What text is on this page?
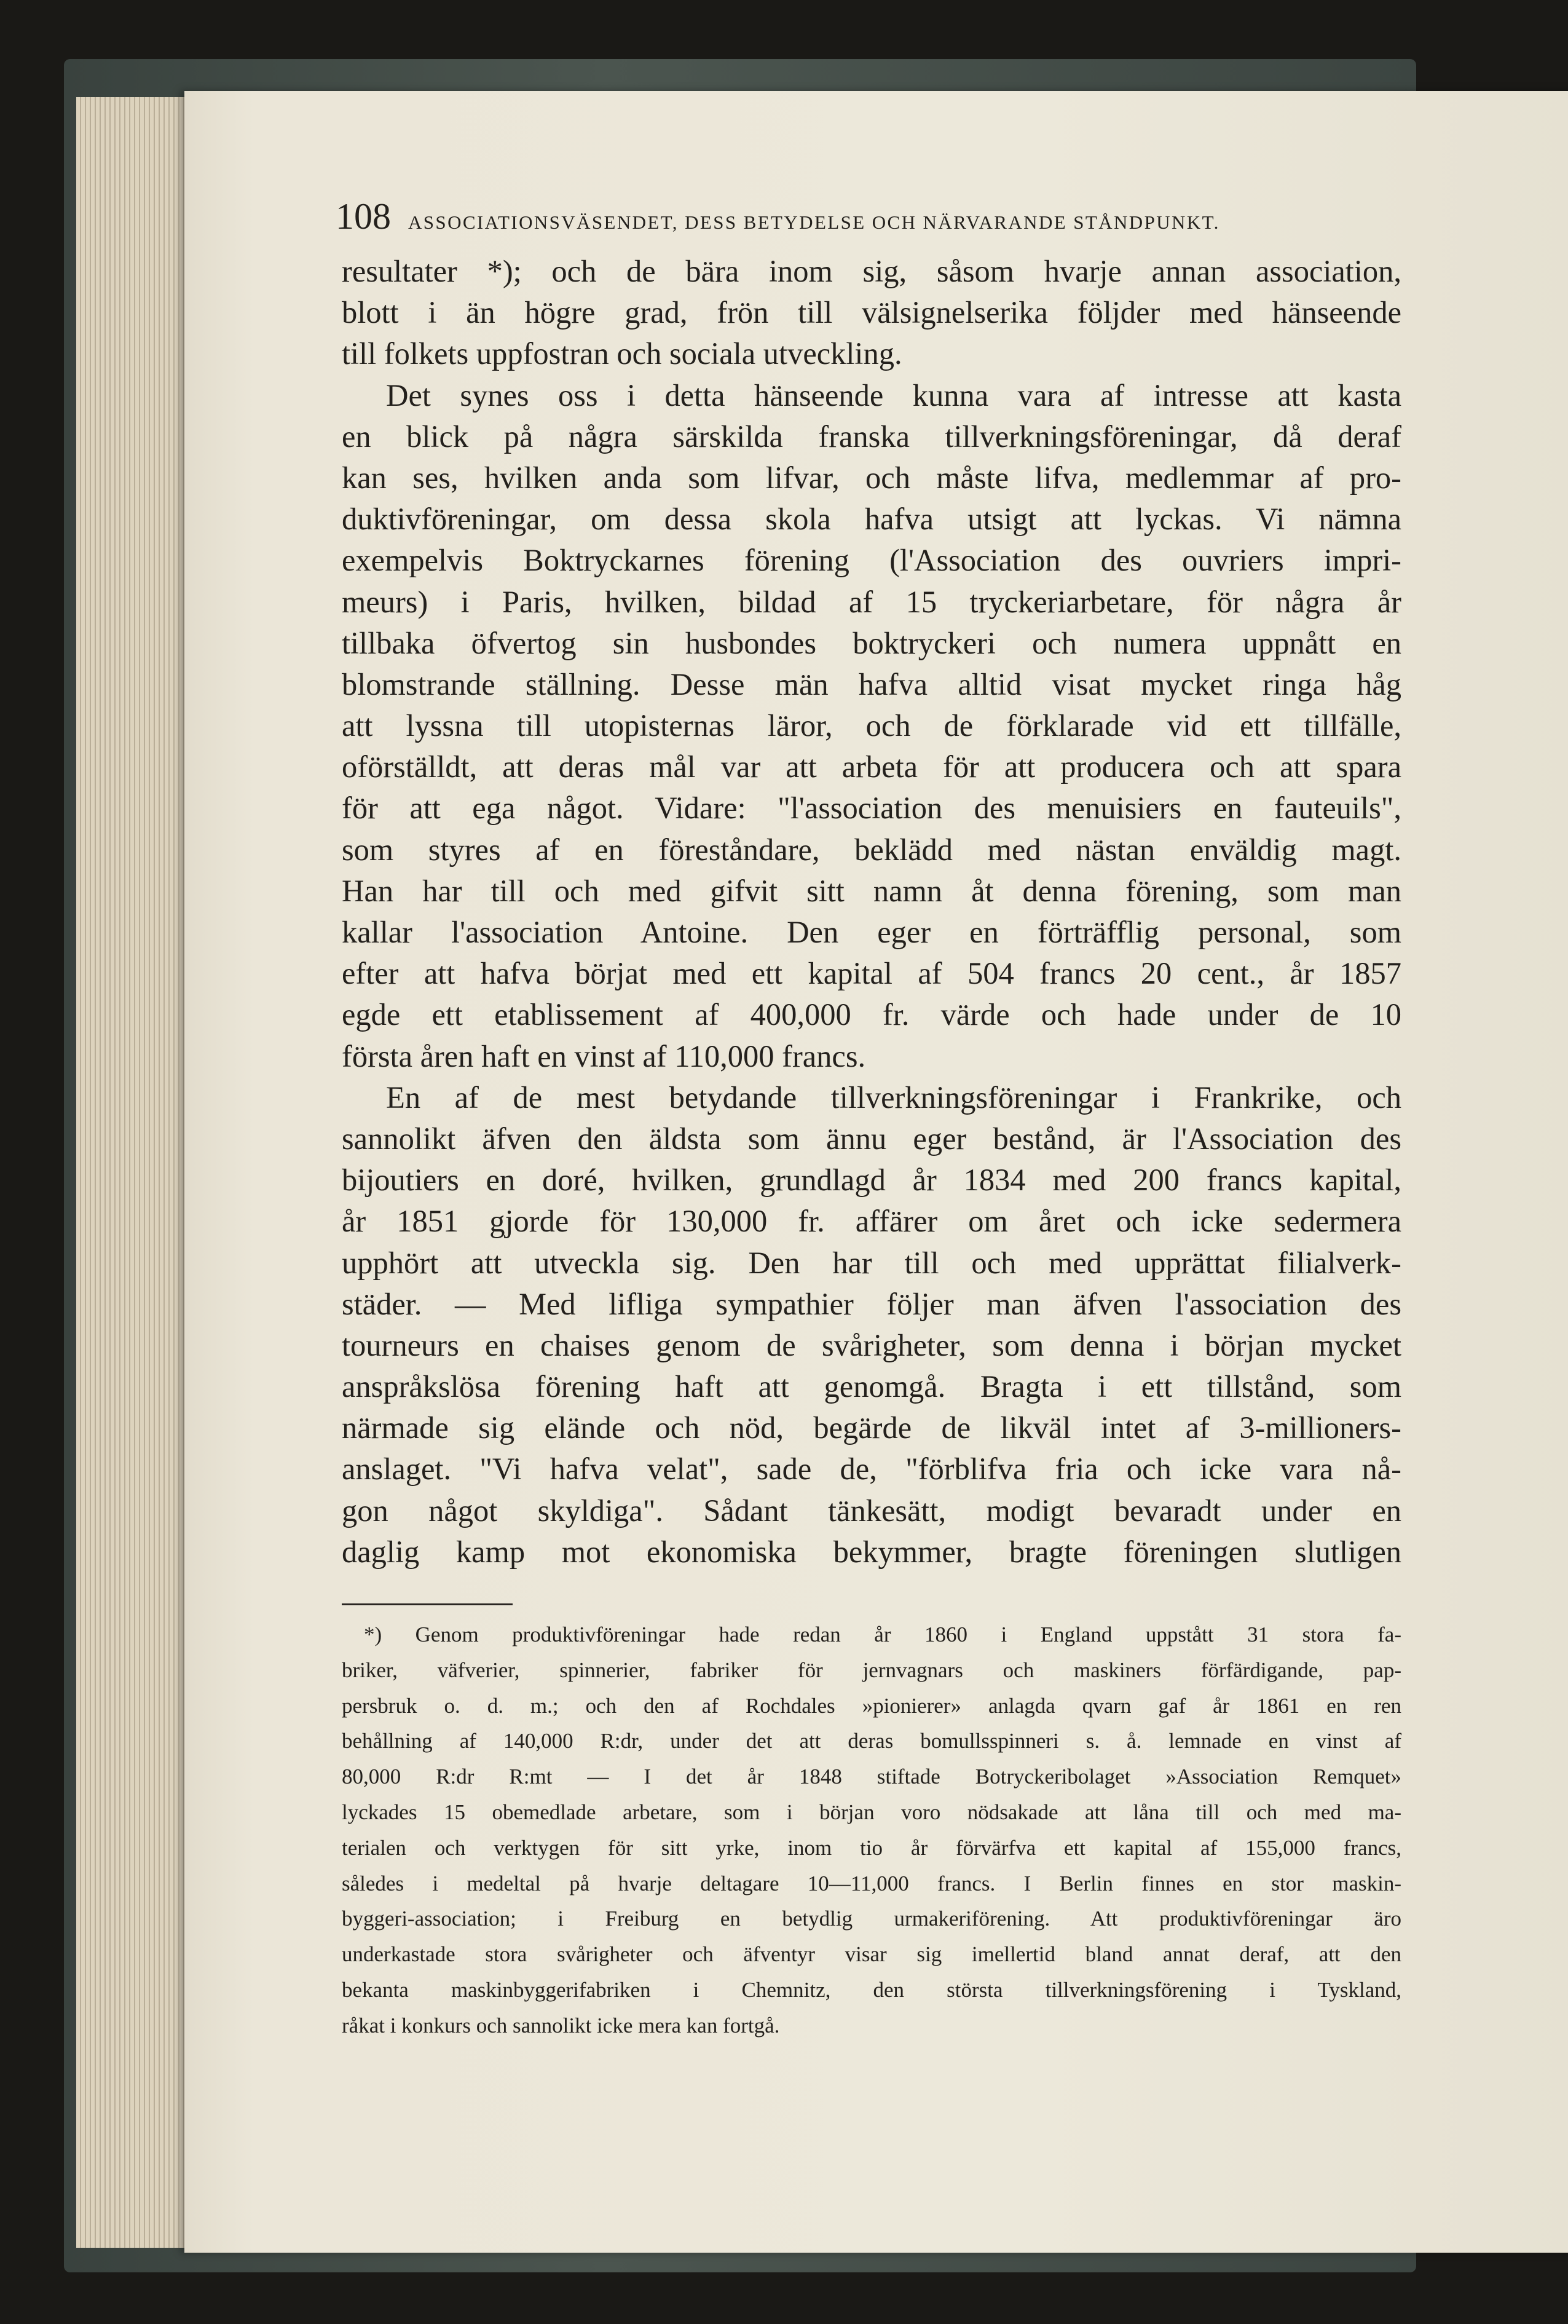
108 ASSOCIATIONSVÄSENDET, DESS BETYDELSE OCH NÄRVARANDE STÅNDPUNKT.
resultater *); och de bära inom sig, såsom hvarje annan association,
blott i än högre grad, frön till välsignelserika följder med hänseende
till folkets uppfostran och sociala utveckling.
Det synes oss i detta hänseende kunna vara af intresse att kasta
en blick på några särskilda franska tillverkningsföreningar, då deraf
kan ses, hvilken anda som lifvar, och måste lifva, medlemmar af pro-
duktivföreningar, om dessa skola hafva utsigt att lyckas. Vi nämna
exempelvis Boktryckarnes förening (l'Association des ouvriers impri-
meurs) i Paris, hvilken, bildad af 15 tryckeriarbetare, för några år
tillbaka öfvertog sin husbondes boktryckeri och numera uppnått en
blomstrande ställning. Desse män hafva alltid visat mycket ringa håg
att lyssna till utopisternas läror, och de förklarade vid ett tillfälle,
oförställdt, att deras mål var att arbeta för att producera och att spara
för att ega något. Vidare: "l'association des menuisiers en fauteuils",
som styres af en föreståndare, beklädd med nästan enväldig magt.
Han har till och med gifvit sitt namn åt denna förening, som man
kallar l'association Antoine. Den eger en förträfflig personal, som
efter att hafva börjat med ett kapital af 504 francs 20 cent., år 1857
egde ett etablissement af 400,000 fr. värde och hade under de 10
första åren haft en vinst af 110,000 francs.
En af de mest betydande tillverkningsföreningar i Frankrike, och
sannolikt äfven den äldsta som ännu eger bestånd, är l'Association des
bijoutiers en doré, hvilken, grundlagd år 1834 med 200 francs kapital,
år 1851 gjorde för 130,000 fr. affärer om året och icke sedermera
upphört att utveckla sig. Den har till och med upprättat filialverk-
städer. — Med lifliga sympathier följer man äfven l'association des
tourneurs en chaises genom de svårigheter, som denna i början mycket
anspråkslösa förening haft att genomgå. Bragta i ett tillstånd, som
närmade sig elände och nöd, begärde de likväl intet af 3-millioners-
anslaget. "Vi hafva velat", sade de, "förblifva fria och icke vara nå-
gon något skyldiga". Sådant tänkesätt, modigt bevaradt under en
daglig kamp mot ekonomiska bekymmer, bragte föreningen slutligen
*) Genom produktivföreningar hade redan år 1860 i England uppstått 31 stora fa-
briker, väfverier, spinnerier, fabriker för jernvagnars och maskiners förfärdigande, pap-
persbruk o. d. m.; och den af Rochdales »pionierer» anlagda qvarn gaf år 1861 en ren
behållning af 140,000 R:dr, under det att deras bomullsspinneri s. å. lemnade en vinst af
80,000 R:dr R:mt — I det år 1848 stiftade Botryckeribolaget »Association Remquet»
lyckades 15 obemedlade arbetare, som i början voro nödsakade att låna till och med ma-
terialen och verktygen för sitt yrke, inom tio år förvärfva ett kapital af 155,000 francs,
således i medeltal på hvarje deltagare 10—11,000 francs. I Berlin finnes en stor maskin-
byggeri-association; i Freiburg en betydlig urmakeriförening. Att produktivföreningar äro
underkastade stora svårigheter och äfventyr visar sig imellertid bland annat deraf, att den
bekanta maskinbyggerifabriken i Chemnitz, den största tillverkningsförening i Tyskland,
råkat i konkurs och sannolikt icke mera kan fortgå.
